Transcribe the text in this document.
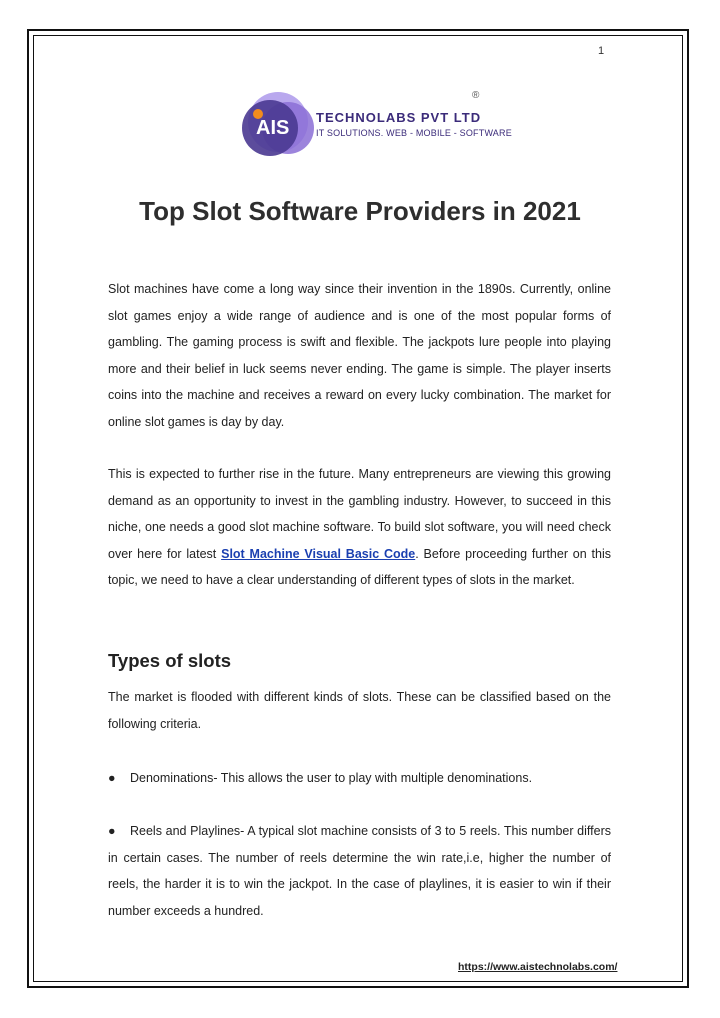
1
AIS
®
TECHNOLABS PVT LTD
IT SOLUTIONS. WEB - MOBILE - SOFTWARE
Top Slot Software Providers in 2021

Slot machines have come a long way since their invention in the 1890s. Currently, online slot games enjoy a wide range of audience and is one of the most popular forms of gambling. The gaming process is swift and flexible. The jackpots lure people into playing more and their belief in luck seems never ending. The game is simple. The player inserts coins into the machine and receives a reward on every lucky combination. The market for online slot games is day by day.

This is expected to further rise in the future. Many entrepreneurs are viewing this growing demand as an opportunity to invest in the gambling industry. However, to succeed in this niche, one needs a good slot machine software. To build slot software, you will need check over here for latest Slot Machine Visual Basic Code. Before proceeding further on this topic, we need to have a clear understanding of different types of slots in the market.

Types of slots

The market is flooded with different kinds of slots. These can be classified based on the following criteria.

● Denominations- This allows the user to play with multiple denominations.

● Reels and Playlines- A typical slot machine consists of 3 to 5 reels. This number differs in certain cases. The number of reels determine the win rate,i.e, higher the number of reels, the harder it is to win the jackpot. In the case of playlines, it is easier to win if their number exceeds a hundred.

https://www.aistechnolabs.com/
